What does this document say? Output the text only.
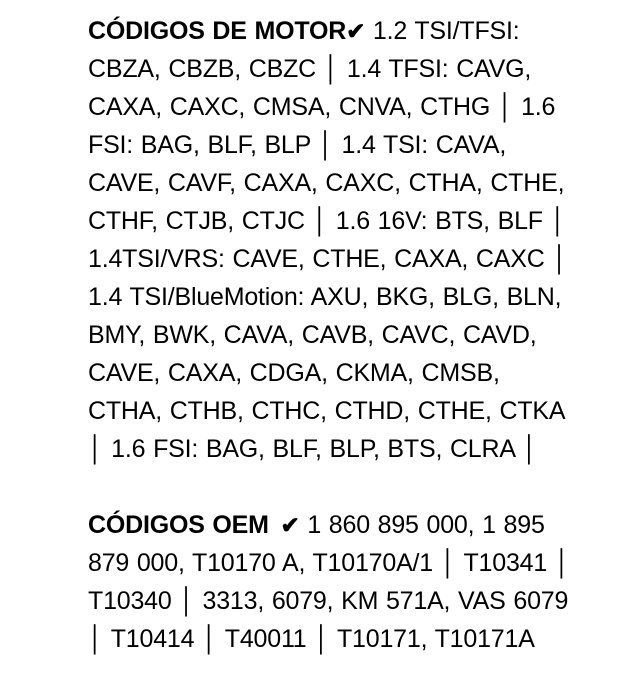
CÓDIGOS DE MOTOR✔ 1.2 TSI/TFSI: CBZA, CBZB, CBZC │ 1.4 TFSI: CAVG, CAXA, CAXC, CMSA, CNVA, CTHG │ 1.6 FSI: BAG, BLF, BLP │ 1.4 TSI: CAVA, CAVE, CAVF, CAXA, CAXC, CTHA, CTHE, CTHF, CTJB, CTJC │ 1.6 16V: BTS, BLF │ 1.4TSI/VRS: CAVE, CTHE, CAXA, CAXC │ 1.4 TSI/BlueMotion: AXU, BKG, BLG, BLN, BMY, BWK, CAVA, CAVB, CAVC, CAVD, CAVE, CAXA, CDGA, CKMA, CMSB, CTHA, CTHB, CTHC, CTHD, CTHE, CTKA │ 1.6 FSI: BAG, BLF, BLP, BTS, CLRA │
CÓDIGOS OEM ✔ 1 860 895 000, 1 895 879 000, T10170 A, T10170A/1 │ T10341 │ T10340 │ 3313, 6079, KM 571A, VAS 6079 │ T10414 │ T40011 │ T10171, T10171A
